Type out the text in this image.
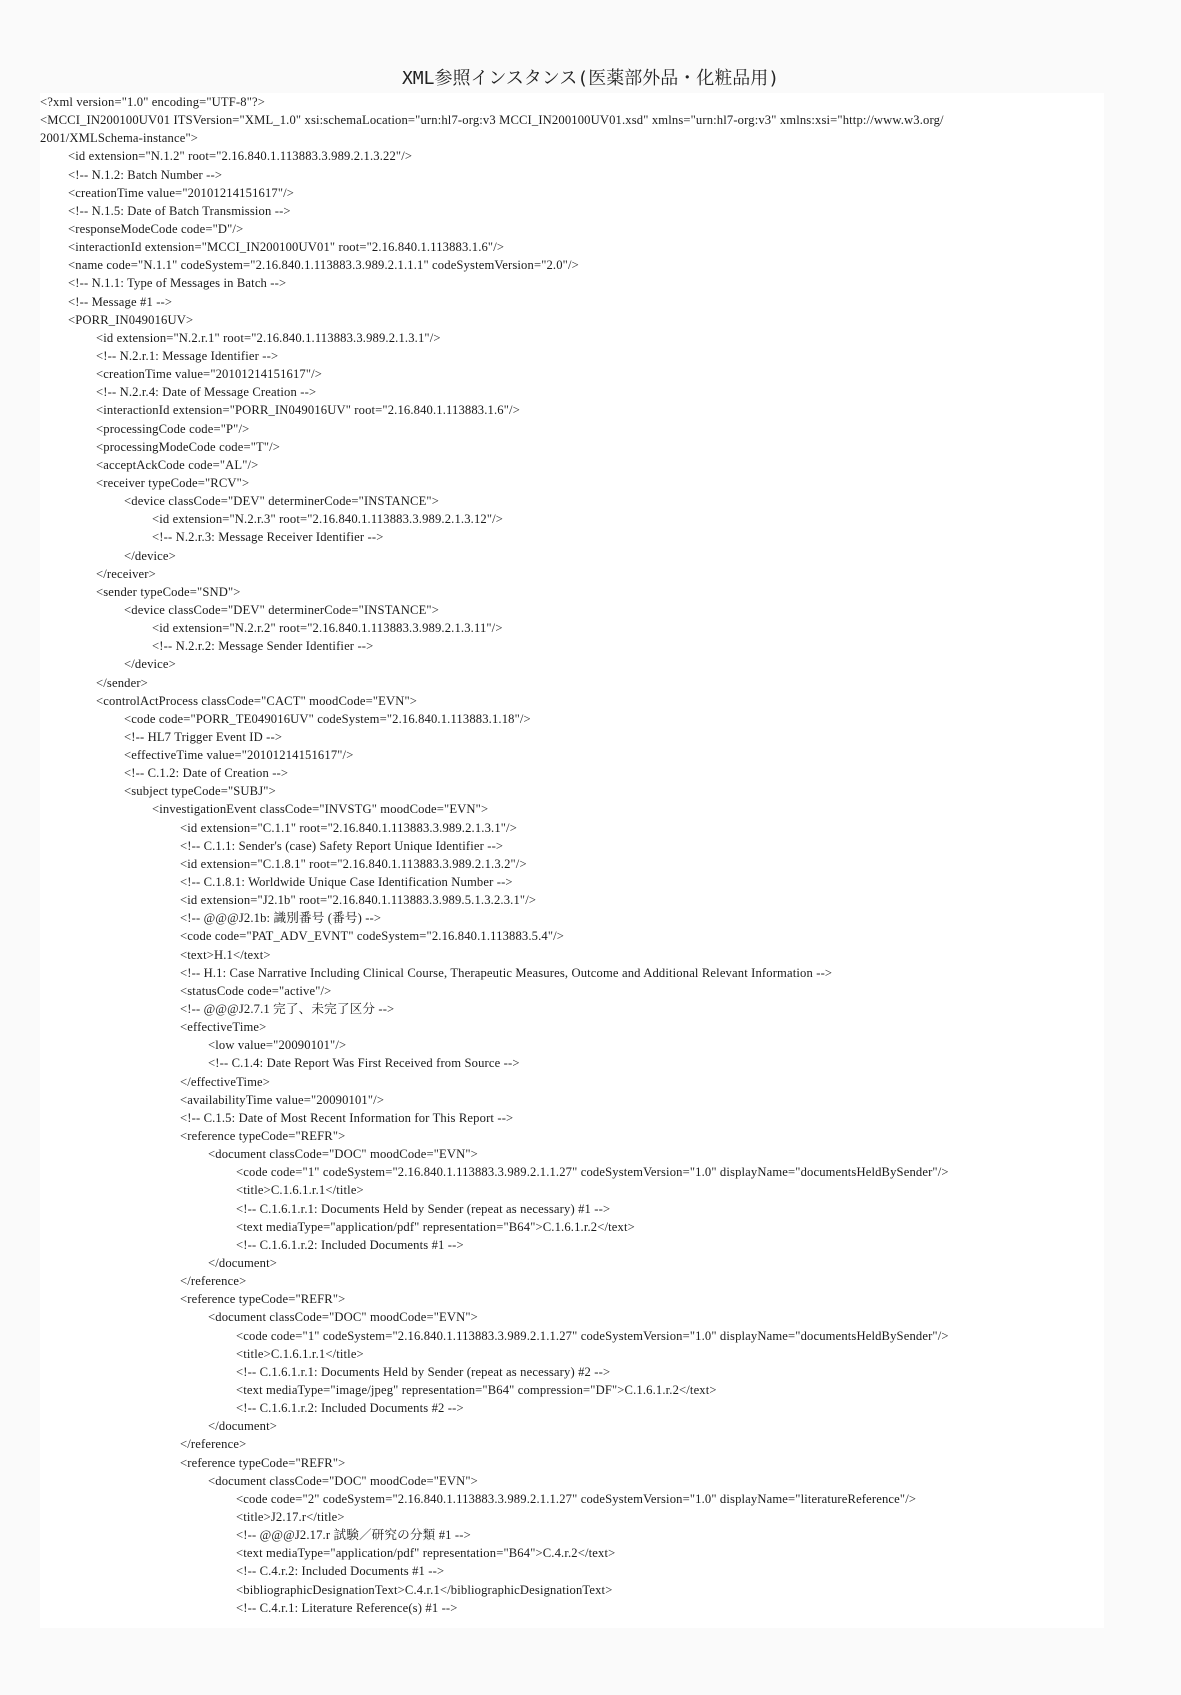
XML参照インスタンス(医薬部外品・化粧品用)
<?xml version="1.0" encoding="UTF-8"?>
<MCCI_IN200100UV01 ITSVersion="XML_1.0" xsi:schemaLocation="urn:hl7-org:v3 MCCI_IN200100UV01.xsd" xmlns="urn:hl7-org:v3" xmlns:xsi="http://www.w3.org/
2001/XMLSchema-instance">
<id extension="N.1.2" root="2.16.840.1.113883.3.989.2.1.3.22"/>
<!-- N.1.2: Batch Number -->
<creationTime value="20101214151617"/>
<!-- N.1.5: Date of Batch Transmission -->
<responseModeCode code="D"/>
<interactionId extension="MCCI_IN200100UV01" root="2.16.840.1.113883.1.6"/>
<name code="N.1.1" codeSystem="2.16.840.1.113883.3.989.2.1.1.1" codeSystemVersion="2.0"/>
<!-- N.1.1: Type of Messages in Batch -->
<!-- Message #1 -->
<PORR_IN049016UV>
<id extension="N.2.r.1" root="2.16.840.1.113883.3.989.2.1.3.1"/>
<!-- N.2.r.1: Message Identifier -->
<creationTime value="20101214151617"/>
<!-- N.2.r.4: Date of Message Creation -->
<interactionId extension="PORR_IN049016UV" root="2.16.840.1.113883.1.6"/>
<processingCode code="P"/>
<processingModeCode code="T"/>
<acceptAckCode code="AL"/>
<receiver typeCode="RCV">
<device classCode="DEV" determinerCode="INSTANCE">
<id extension="N.2.r.3" root="2.16.840.1.113883.3.989.2.1.3.12"/>
<!-- N.2.r.3: Message Receiver Identifier -->
</device>
</receiver>
<sender typeCode="SND">
<device classCode="DEV" determinerCode="INSTANCE">
<id extension="N.2.r.2" root="2.16.840.1.113883.3.989.2.1.3.11"/>
<!-- N.2.r.2: Message Sender Identifier -->
</device>
</sender>
<controlActProcess classCode="CACT" moodCode="EVN">
<code code="PORR_TE049016UV" codeSystem="2.16.840.1.113883.1.18"/>
<!-- HL7 Trigger Event ID -->
<effectiveTime value="20101214151617"/>
<!-- C.1.2: Date of Creation -->
<subject typeCode="SUBJ">
<investigationEvent classCode="INVSTG" moodCode="EVN">
<id extension="C.1.1" root="2.16.840.1.113883.3.989.2.1.3.1"/>
<!-- C.1.1: Sender's (case) Safety Report Unique Identifier -->
<id extension="C.1.8.1" root="2.16.840.1.113883.3.989.2.1.3.2"/>
<!-- C.1.8.1: Worldwide Unique Case Identification Number -->
<id extension="J2.1b" root="2.16.840.1.113883.3.989.5.1.3.2.3.1"/>
<!-- @@@J2.1b: 識別番号 (番号) -->
<code code="PAT_ADV_EVNT" codeSystem="2.16.840.1.113883.5.4"/>
<text>H.1</text>
<!-- H.1: Case Narrative Including Clinical Course, Therapeutic Measures, Outcome and Additional Relevant Information -->
<statusCode code="active"/>
<!-- @@@J2.7.1 完了、未完了区分 -->
<effectiveTime>
<low value="20090101"/>
<!-- C.1.4: Date Report Was First Received from Source -->
</effectiveTime>
<availabilityTime value="20090101"/>
<!-- C.1.5: Date of Most Recent Information for This Report -->
<reference typeCode="REFR">
<document classCode="DOC" moodCode="EVN">
<code code="1" codeSystem="2.16.840.1.113883.3.989.2.1.1.27" codeSystemVersion="1.0" displayName="documentsHeldBySender"/>
<title>C.1.6.1.r.1</title>
<!-- C.1.6.1.r.1: Documents Held by Sender (repeat as necessary) #1 -->
<text mediaType="application/pdf" representation="B64">C.1.6.1.r.2</text>
<!-- C.1.6.1.r.2: Included Documents #1 -->
</document>
</reference>
<reference typeCode="REFR">
<document classCode="DOC" moodCode="EVN">
<code code="1" codeSystem="2.16.840.1.113883.3.989.2.1.1.27" codeSystemVersion="1.0" displayName="documentsHeldBySender"/>
<title>C.1.6.1.r.1</title>
<!-- C.1.6.1.r.1: Documents Held by Sender (repeat as necessary) #2 -->
<text mediaType="image/jpeg" representation="B64" compression="DF">C.1.6.1.r.2</text>
<!-- C.1.6.1.r.2: Included Documents #2 -->
</document>
</reference>
<reference typeCode="REFR">
<document classCode="DOC" moodCode="EVN">
<code code="2" codeSystem="2.16.840.1.113883.3.989.2.1.1.27" codeSystemVersion="1.0" displayName="literatureReference"/>
<title>J2.17.r</title>
<!-- @@@J2.17.r 試験／研究の分類 #1 -->
<text mediaType="application/pdf" representation="B64">C.4.r.2</text>
<!-- C.4.r.2: Included Documents #1 -->
<bibliographicDesignationText>C.4.r.1</bibliographicDesignationText>
<!-- C.4.r.1: Literature Reference(s) #1 -->
